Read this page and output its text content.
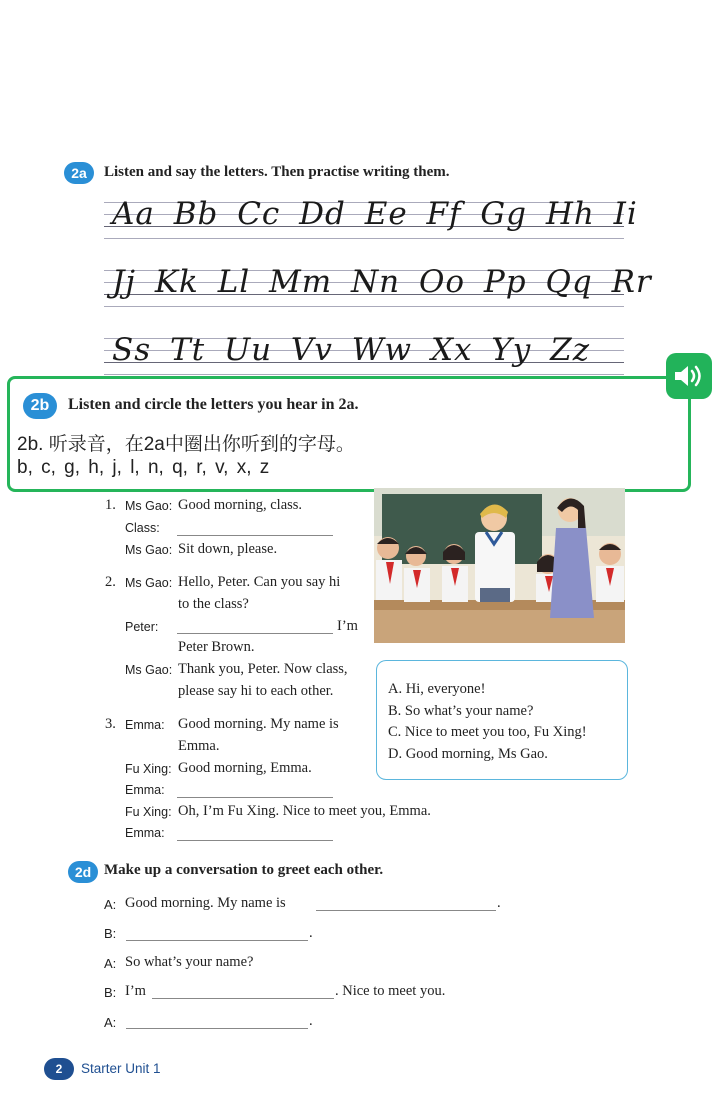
2a	Listen and say the letters. Then practise writing them.
Aa Bb Cc Dd Ee Ff Gg Hh Ii
Jj Kk Ll Mm Nn Oo Pp Qq Rr
Ss Tt Uu Vv Ww Xx Yy Zz
2b	Listen and circle the letters you hear in 2a.
2b. 听录音，在2a中圈出你听到的字母。
b, c, g, h, j, l, n, q, r, v, x, z
1. Ms Gao: Good morning, class.
Class:
Ms Gao: Sit down, please.
2. Ms Gao: Hello, Peter. Can you say hi
to the class?
Peter:	I’m
Peter Brown.
Ms Gao: Thank you, Peter. Now class,
please say hi to each other.
3. Emma: Good morning. My name is
Emma.
Fu Xing: Good morning, Emma.
Emma:
Fu Xing: Oh, I’m Fu Xing. Nice to meet you, Emma.
Emma:
A. Hi, everyone!
B. So what’s your name?
C. Nice to meet you too, Fu Xing!
D. Good morning, Ms Gao.
2d Make up a conversation to greet each other.
A: Good morning. My name is	.
B:	.
A: So what’s your name?
B: I’m	. Nice to meet you.
A:	.
2	Starter Unit 1
